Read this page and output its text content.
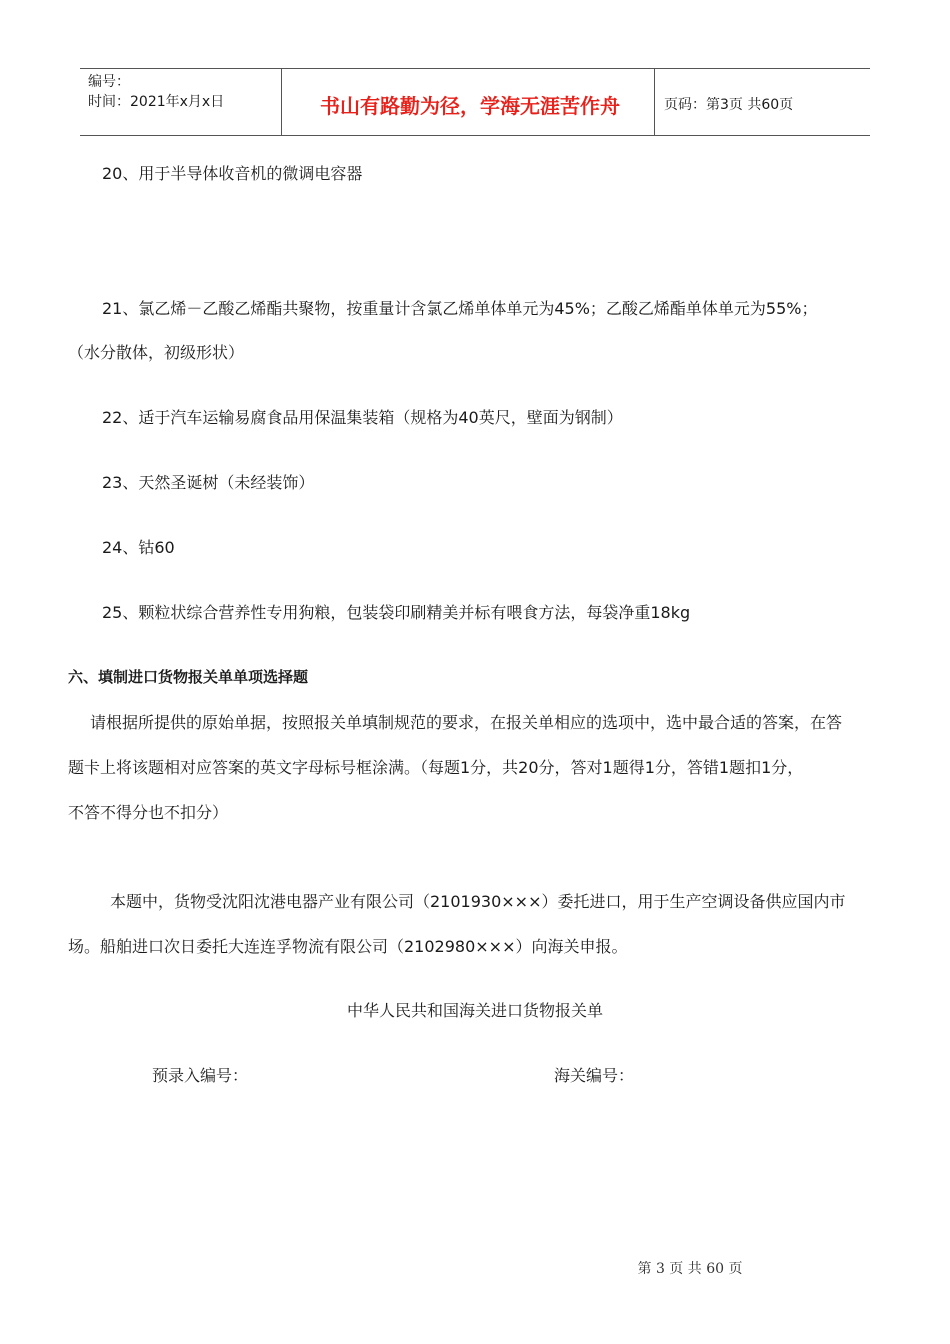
编号：
时间：2021年x月x日	书山有路勤为径，学海无涯苦作舟	页码：第3页 共60页
20、用于半导体收音机的微调电容器
21、氯乙烯－乙酸乙烯酯共聚物，按重量计含氯乙烯单体单元为45%；乙酸乙烯酯单体单元为55%；
（水分散体，初级形状）
22、适于汽车运输易腐食品用保温集装箱（规格为40英尺，壁面为钢制）
23、天然圣诞树（未经装饰）
24、钴60
25、颗粒状综合营养性专用狗粮，包装袋印刷精美并标有喂食方法，每袋净重18kg
六、填制进口货物报关单单项选择题
请根据所提供的原始单据，按照报关单填制规范的要求，在报关单相应的选项中，选中最合适的答案，在答
题卡上将该题相对应答案的英文字母标号框涂满。（每题1分，共20分，答对1题得1分，答错1题扣1分，
不答不得分也不扣分）
本题中，货物受沈阳沈港电器产业有限公司（2101930×××）委托进口，用于生产空调设备供应国内市
场。船舶进口次日委托大连连孚物流有限公司（2102980×××）向海关申报。
中华人民共和国海关进口货物报关单
预录入编号：	海关编号：
第 3 页 共 60 页
